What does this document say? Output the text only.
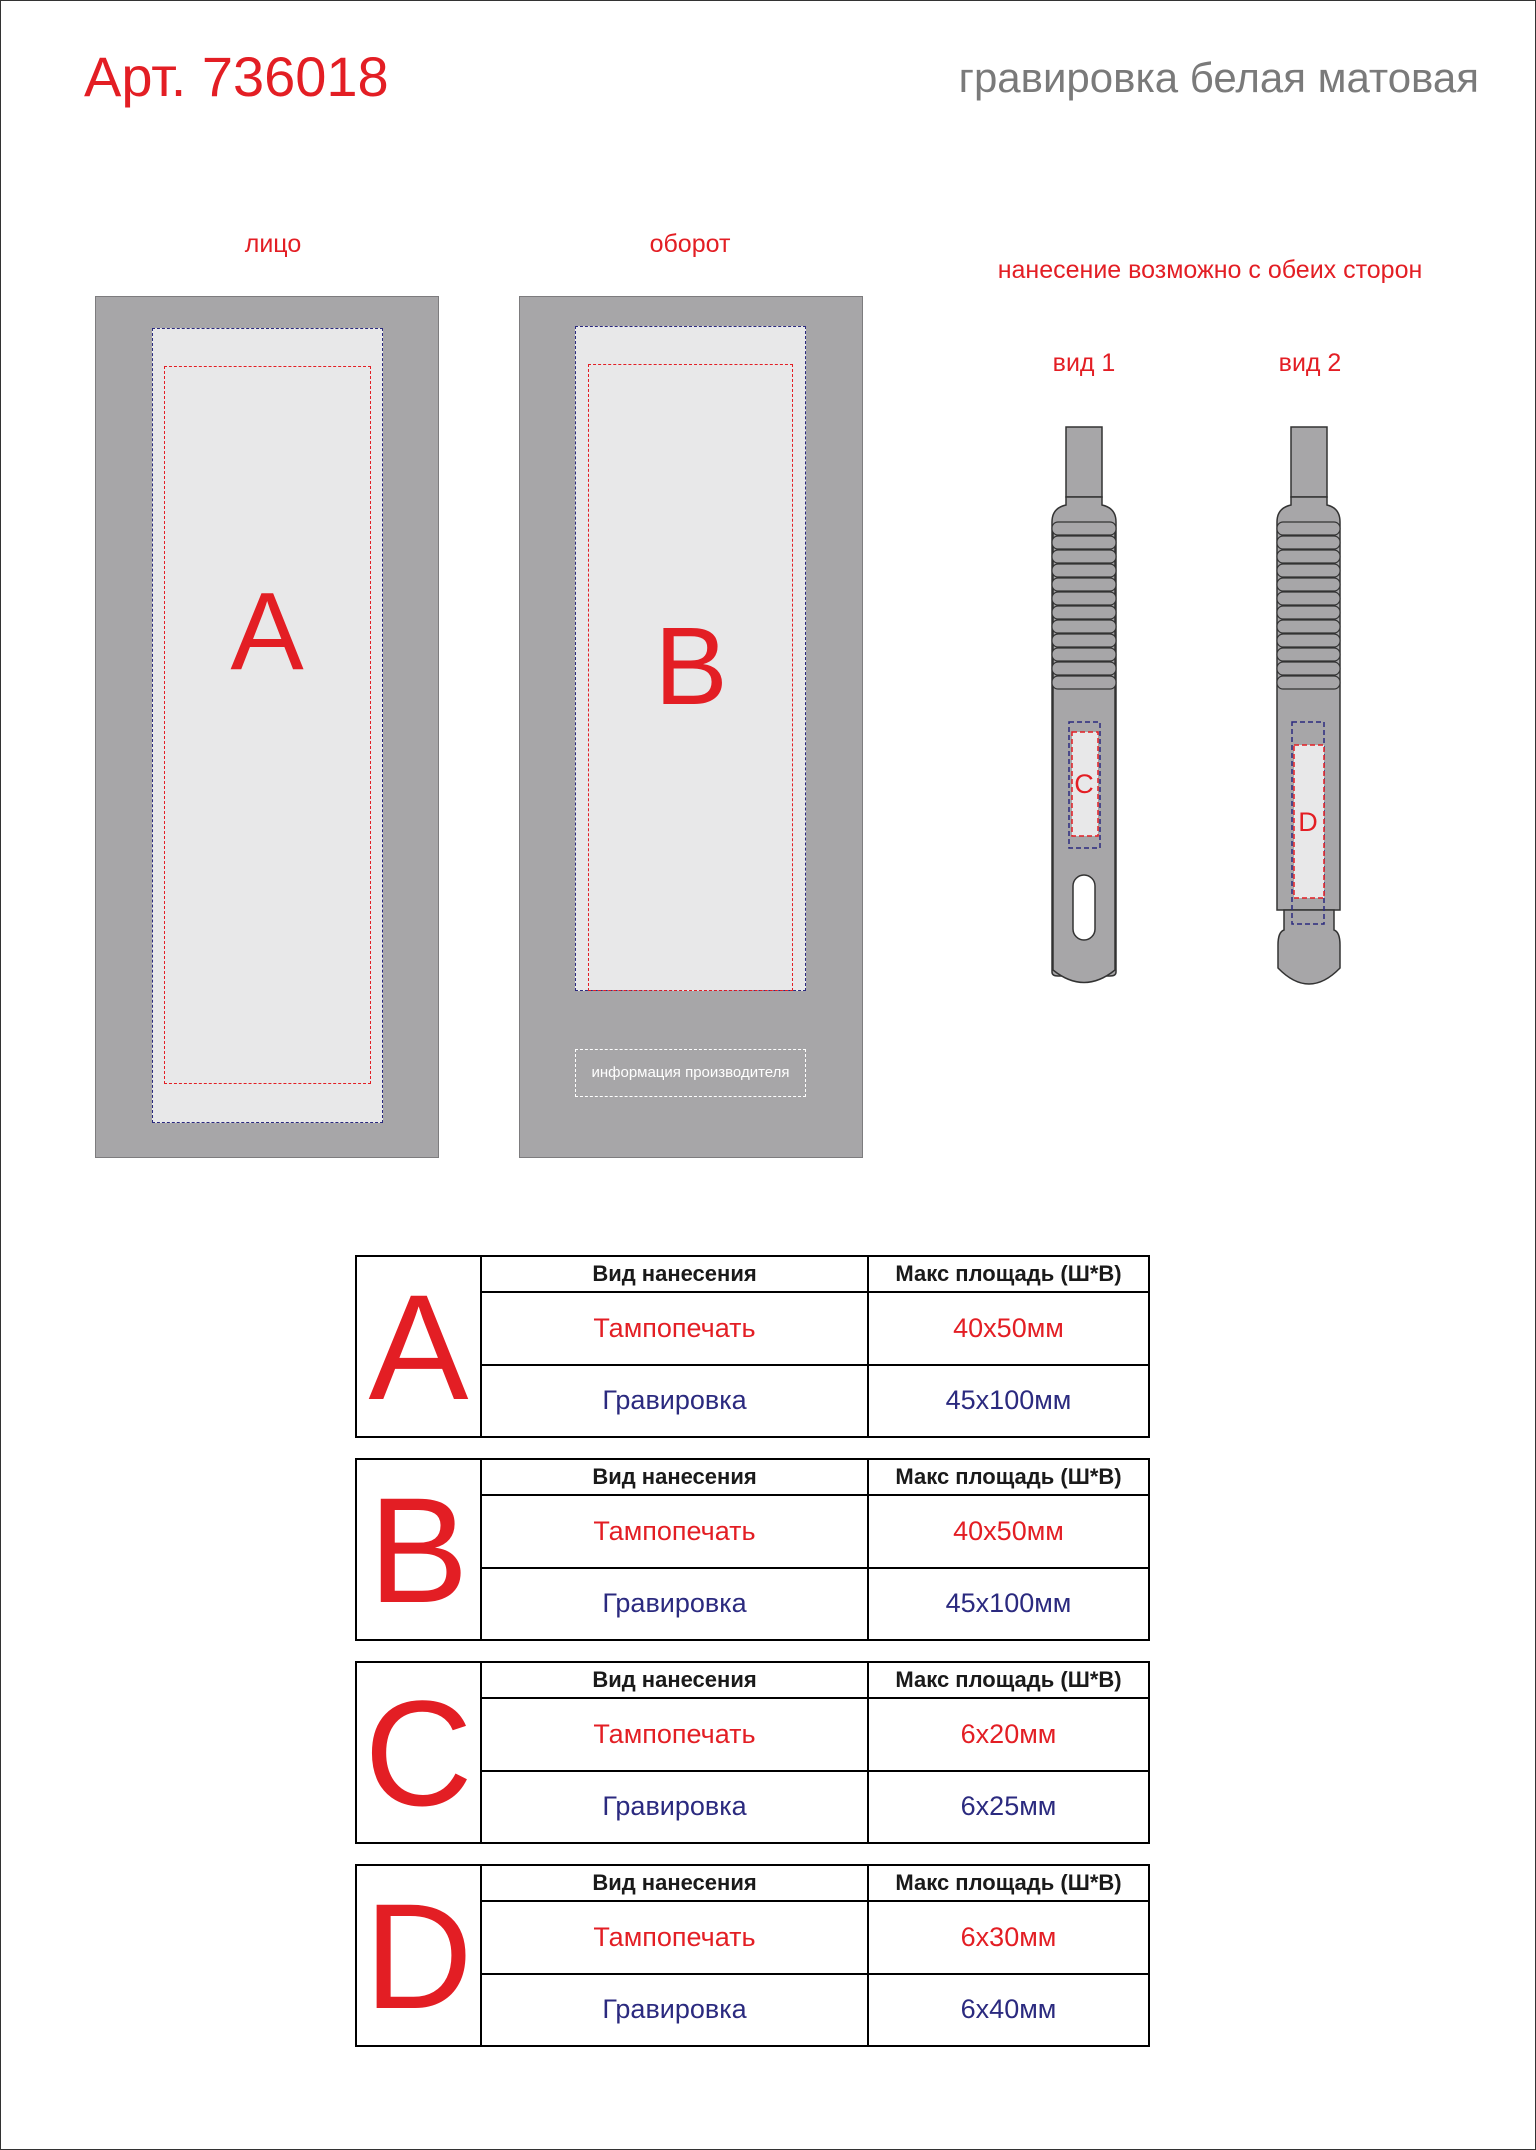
Арт. 736018	гравировка белая матовая
лицо	оборот
нанесение возможно с обеих сторон
вид 1	вид 2
A	B
информация производителя
C
D
A	Вид нанесения	Макс площадь (Ш*В)
	Тампопечать	40x50мм
	Гравировка	45x100мм
B	Вид нанесения	Макс площадь (Ш*В)
	Тампопечать	40x50мм
	Гравировка	45x100мм
C	Вид нанесения	Макс площадь (Ш*В)
	Тампопечать	6x20мм
	Гравировка	6x25мм
D	Вид нанесения	Макс площадь (Ш*В)
	Тампопечать	6x30мм
	Гравировка	6x40мм
